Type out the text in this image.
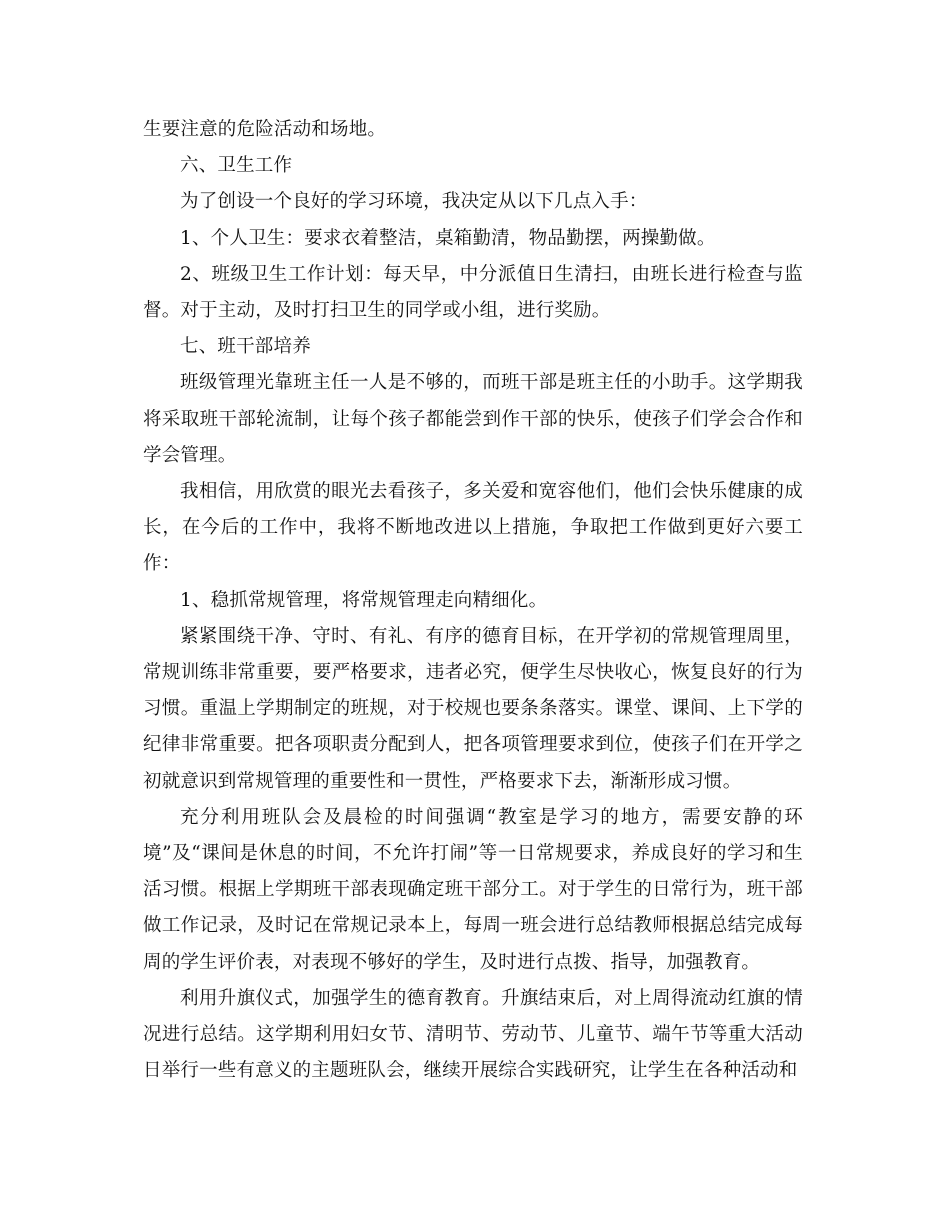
生要注意的危险活动和场地。

六、卫生工作

为了创设一个良好的学习环境，我决定从以下几点入手：

1、个人卫生：要求衣着整洁，桌箱勤清，物品勤摆，两操勤做。

2、班级卫生工作计划：每天早，中分派值日生清扫，由班长进行检查与监督。对于主动，及时打扫卫生的同学或小组，进行奖励。

七、班干部培养

班级管理光靠班主任一人是不够的，而班干部是班主任的小助手。这学期我将采取班干部轮流制，让每个孩子都能尝到作干部的快乐，使孩子们学会合作和学会管理。

我相信，用欣赏的眼光去看孩子，多关爱和宽容他们，他们会快乐健康的成长，在今后的工作中，我将不断地改进以上措施，争取把工作做到更好六要工作：

1、稳抓常规管理，将常规管理走向精细化。

紧紧围绕干净、守时、有礼、有序的德育目标，在开学初的常规管理周里，常规训练非常重要，要严格要求，违者必究，便学生尽快收心，恢复良好的行为习惯。重温上学期制定的班规，对于校规也要条条落实。课堂、课间、上下学的纪律非常重要。把各项职责分配到人，把各项管理要求到位，使孩子们在开学之初就意识到常规管理的重要性和一贯性，严格要求下去，渐渐形成习惯。

充分利用班队会及晨检的时间强调“教室是学习的地方，需要安静的环境”及“课间是休息的时间，不允许打闹”等一日常规要求，养成良好的学习和生活习惯。根据上学期班干部表现确定班干部分工。对于学生的日常行为，班干部做工作记录，及时记在常规记录本上，每周一班会进行总结教师根据总结完成每周的学生评价表，对表现不够好的学生，及时进行点拨、指导，加强教育。

利用升旗仪式，加强学生的德育教育。升旗结束后，对上周得流动红旗的情况进行总结。这学期利用妇女节、清明节、劳动节、儿童节、端午节等重大活动日举行一些有意义的主题班队会，继续开展综合实践研究，让学生在各种活动和
